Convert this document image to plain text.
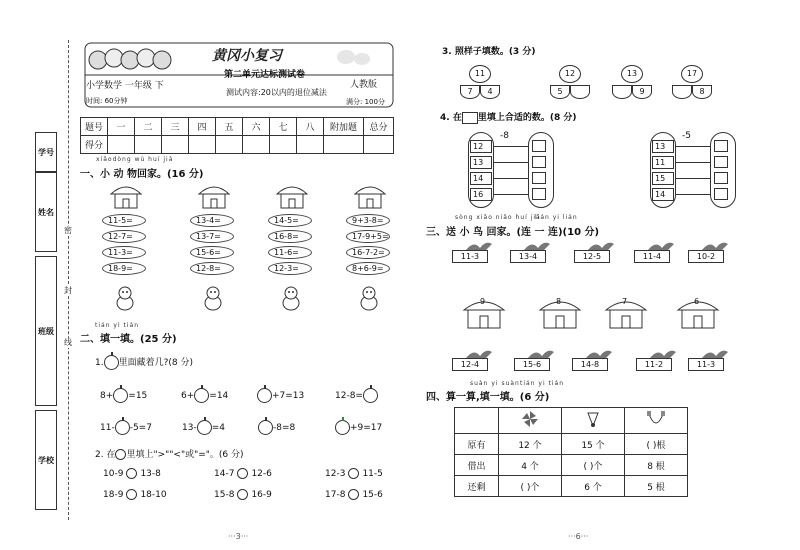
学号
姓名
班级
学校
密
封
线
黄冈小复习
第二单元达标测试卷
小学数学 一年级 下	人教版
测试内容:20以内的退位减法
时间: 60分钟	满分: 100分
题号	一	二	三	四	五	六	七	八	附加题	总分
得分										
xiǎodòng wù huí jiā
一、小 动 物回家。(16 分)
11-5=
12-7=
11-3=
18-9=
13-4=
13-7=
15-6=
12-8=
14-5=
16-8=
11-6=
12-3=
9+3-8=
17-9+5=
16-7-2=
8+6-9=
tián yì tián
二、填一填。(25 分)
1. 里面藏着几?(8 分)
8+ =15	6+ =14	+7=13	12-8=
11- -5=7	13- =4	-8=8	+9=17
2. 在 里填上">""<"或"="。(6 分)
10-9 13-8	14-7 12-6	12-3 11-5
18-9 18-10	15-8 16-9	17-8 15-6
3. 照样子填数。(3 分)
11
7	4
12
5
13
9
17
8
4. 在 里填上合适的数。(8 分)
-8
12
13
14
16
-5
13
11
15
14
sòng xiǎo niǎo huí jiā
lián yi lián
三、送 小 鸟 回家。(连 一 连)(10 分)
11-3	13-4	12-5	11-4	10-2
9	8	7	6
12-4	15-6	14-8	11-2	11-3
suàn yi suàn tián yi tián
四、算一算,填一填。(6 分)

原有	12 个	15 个	( )根
借出	4 个	( )个	8 根
还剩	( )个	6 个	5 根
···3···	···6···
